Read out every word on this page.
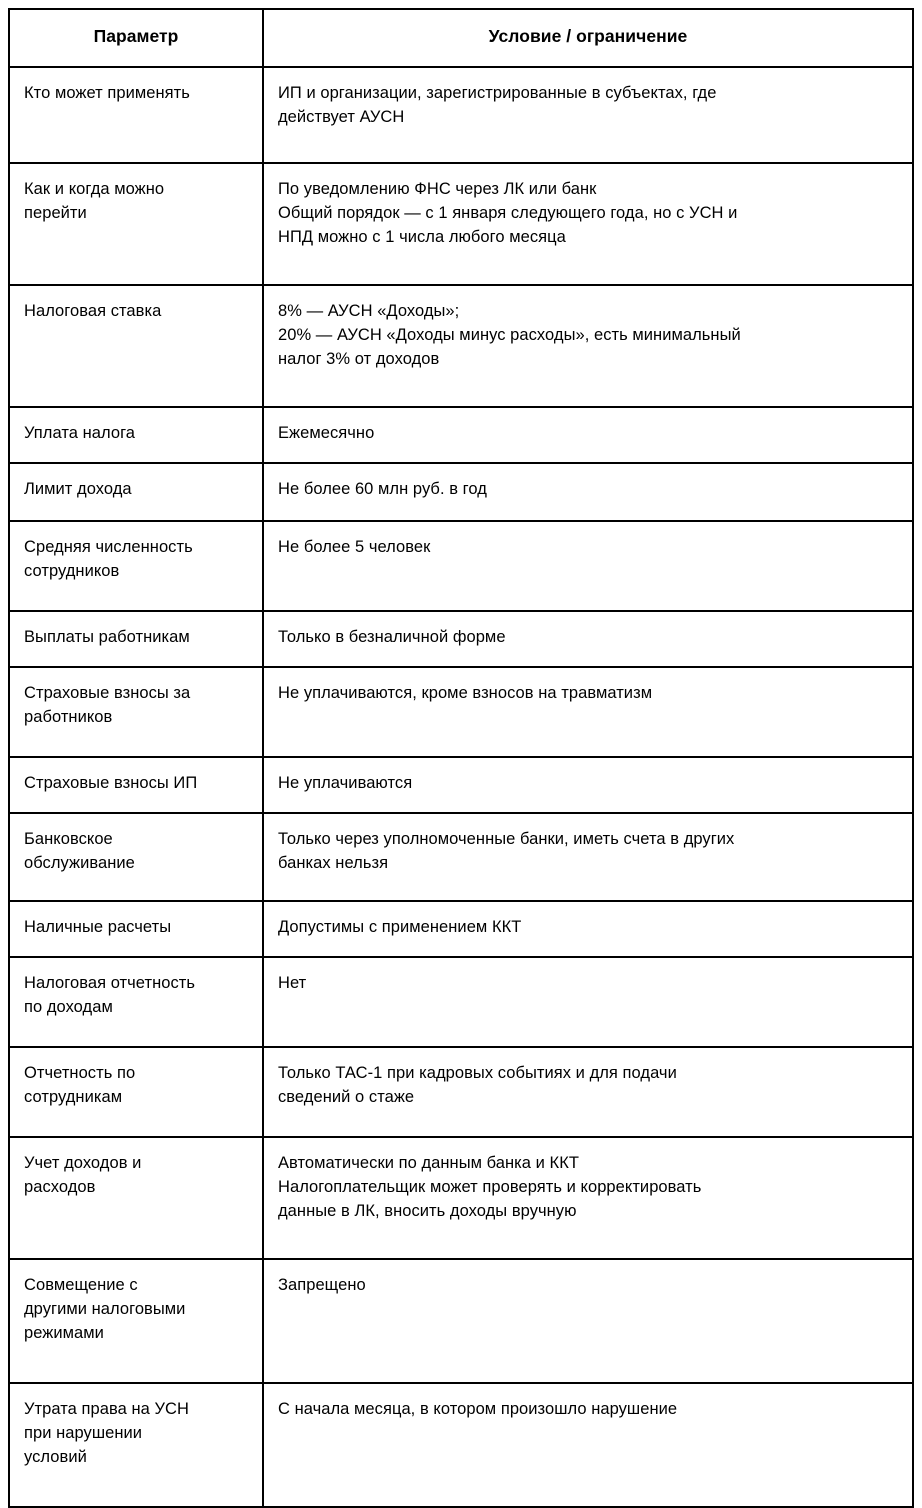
Параметр	Условие / ограничение

Кто может применять	ИП и организации, зарегистрированные в субъектах, где
действует АУСН

Как и когда можно
перейти	По уведомлению ФНС через ЛК или банк
Общий порядок — с 1 января следующего года, но с УСН и
НПД можно с 1 числа любого месяца

Налоговая ставка	8% — АУСН «Доходы»;
20% — АУСН «Доходы минус расходы», есть минимальный
налог 3% от доходов

Уплата налога	Ежемесячно

Лимит дохода	Не более 60 млн руб. в год

Средняя численность
сотрудников	Не более 5 человек

Выплаты работникам	Только в безналичной форме

Страховые взносы за
работников	Не уплачиваются, кроме взносов на травматизм

Страховые взносы ИП	Не уплачиваются

Банковское
обслуживание	Только через уполномоченные банки, иметь счета в других
банках нельзя

Наличные расчеты	Допустимы с применением ККТ

Налоговая отчетность
по доходам	Нет

Отчетность по
сотрудникам	Только ТАС-1 при кадровых событиях и для подачи
сведений о стаже

Учет доходов и
расходов	Автоматически по данным банка и ККТ
Налогоплательщик может проверять и корректировать
данные в ЛК, вносить доходы вручную

Совмещение с
другими налоговыми
режимами	Запрещено

Утрата права на УСН
при нарушении
условий	С начала месяца, в котором произошло нарушение
